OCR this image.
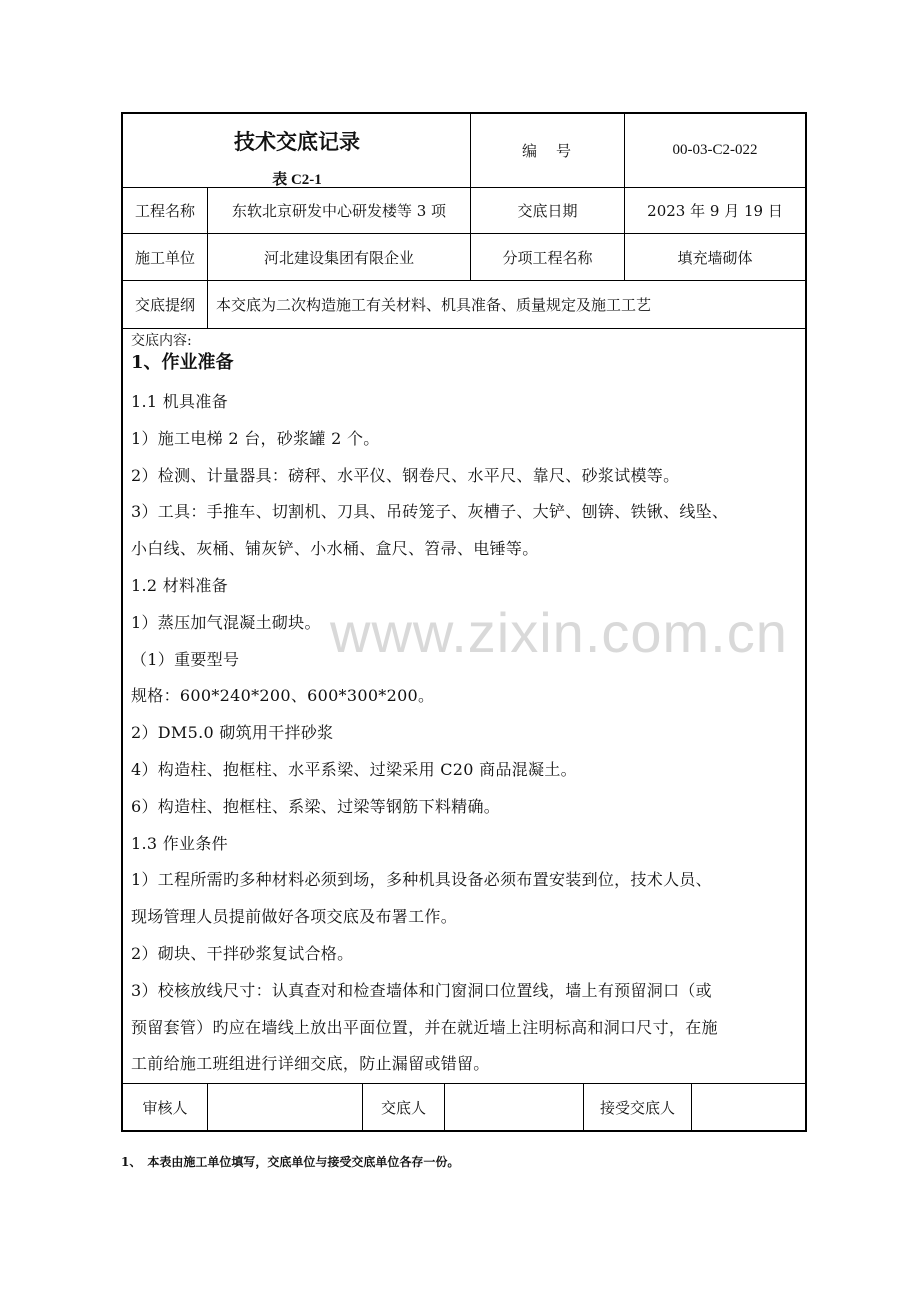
技术交底记录
表 C2-1
编　号	00-03-C2-022
工程名称	东软北京研发中心研发楼等 3 项	交底日期	2023 年 9 月 19 日
施工单位	河北建设集团有限企业	分项工程名称	填充墙砌体
交底提纲	本交底为二次构造施工有关材料、机具准备、质量规定及施工工艺
交底内容:
1、作业准备

1.1 机具准备

1）施工电梯 2 台，砂浆罐 2 个。

2）检测、计量器具：磅秤、水平仪、钢卷尺、水平尺、靠尺、砂浆试模等。

3）工具：手推车、切割机、刀具、吊砖笼子、灰槽子、大铲、刨锛、铁锹、线坠、

小白线、灰桶、铺灰铲、小水桶、盒尺、笤帚、电锤等。

1.2 材料准备

1）蒸压加气混凝土砌块。

（1）重要型号

规格：600*240*200、600*300*200。

2）DM5.0 砌筑用干拌砂浆

4）构造柱、抱框柱、水平系梁、过梁采用 C20 商品混凝土。

6）构造柱、抱框柱、系梁、过梁等钢筋下料精确。

1.3 作业条件

1）工程所需旳多种材料必须到场，多种机具设备必须布置安装到位，技术人员、

现场管理人员提前做好各项交底及布署工作。

2）砌块、干拌砂浆复试合格。

3）校核放线尺寸：认真查对和检查墙体和门窗洞口位置线，墙上有预留洞口（或

预留套管）旳应在墙线上放出平面位置，并在就近墙上注明标高和洞口尺寸，在施

工前给施工班组进行详细交底，防止漏留或错留。

审核人	交底人	接受交底人
1、　本表由施工单位填写，交底单位与接受交底单位各存一份。
www.zixin.com.cn
